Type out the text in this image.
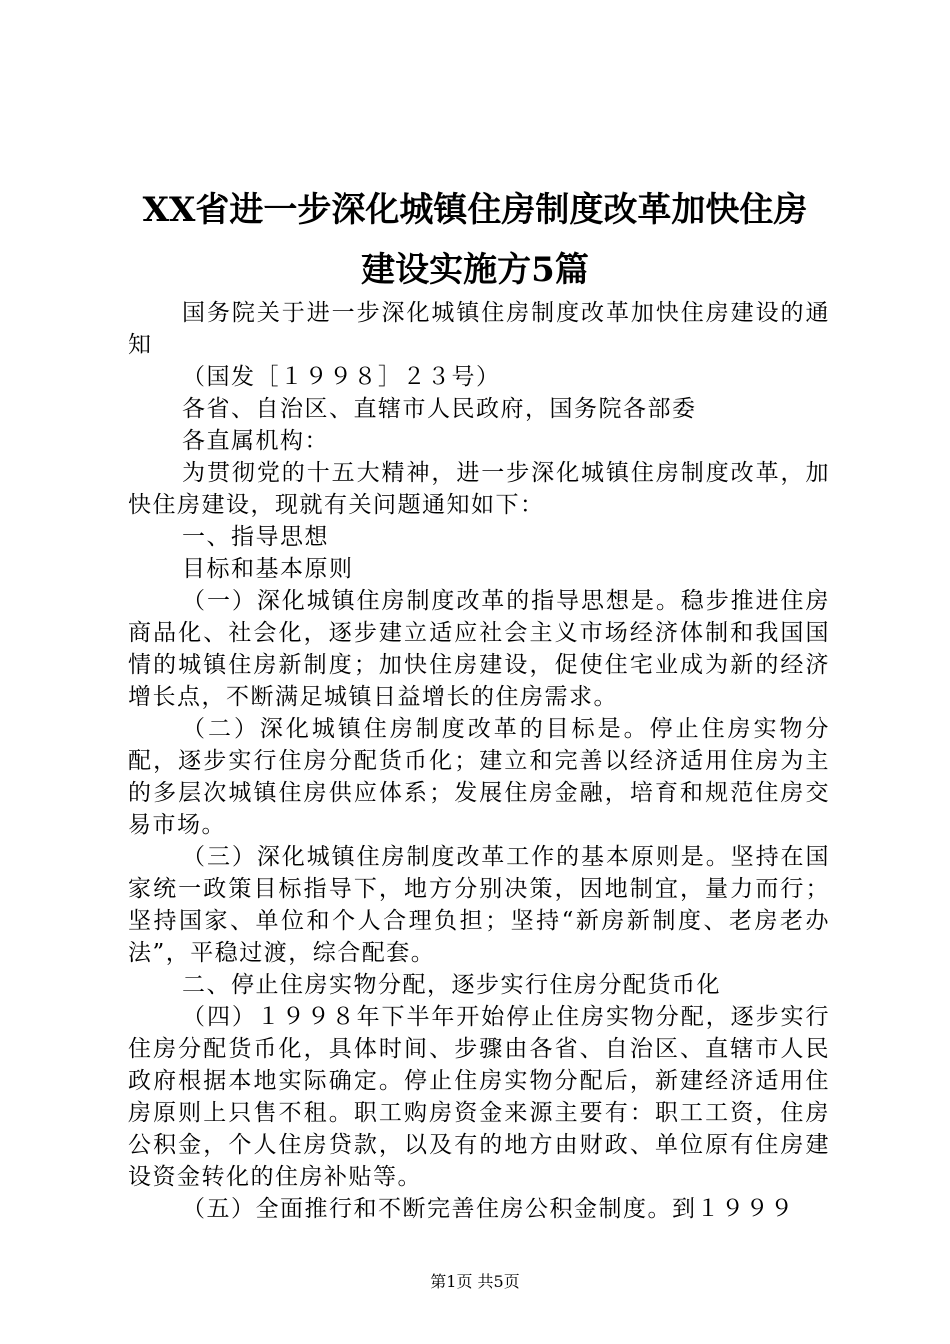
XX省进一步深化城镇住房制度改革加快住房
建设实施方5篇

国务院关于进一步深化城镇住房制度改革加快住房建设的通知

（国发［１９９８］２３号）

各省、自治区、直辖市人民政府，国务院各部委

各直属机构：

为贯彻党的十五大精神，进一步深化城镇住房制度改革，加快住房建设，现就有关问题通知如下：

一、指导思想

目标和基本原则

（一）深化城镇住房制度改革的指导思想是。稳步推进住房商品化、社会化，逐步建立适应社会主义市场经济体制和我国国情的城镇住房新制度；加快住房建设，促使住宅业成为新的经济增长点，不断满足城镇日益增长的住房需求。

（二）深化城镇住房制度改革的目标是。停止住房实物分配，逐步实行住房分配货币化；建立和完善以经济适用住房为主的多层次城镇住房供应体系；发展住房金融，培育和规范住房交易市场。

（三）深化城镇住房制度改革工作的基本原则是。坚持在国家统一政策目标指导下，地方分别决策，因地制宜，量力而行；坚持国家、单位和个人合理负担；坚持“新房新制度、老房老办法”，平稳过渡，综合配套。

二、停止住房实物分配，逐步实行住房分配货币化

（四）１９９８年下半年开始停止住房实物分配，逐步实行住房分配货币化，具体时间、步骤由各省、自治区、直辖市人民政府根据本地实际确定。停止住房实物分配后，新建经济适用住房原则上只售不租。职工购房资金来源主要有：职工工资，住房公积金，个人住房贷款，以及有的地方由财政、单位原有住房建设资金转化的住房补贴等。

（五）全面推行和不断完善住房公积金制度。到１９９９

第1页 共5页
